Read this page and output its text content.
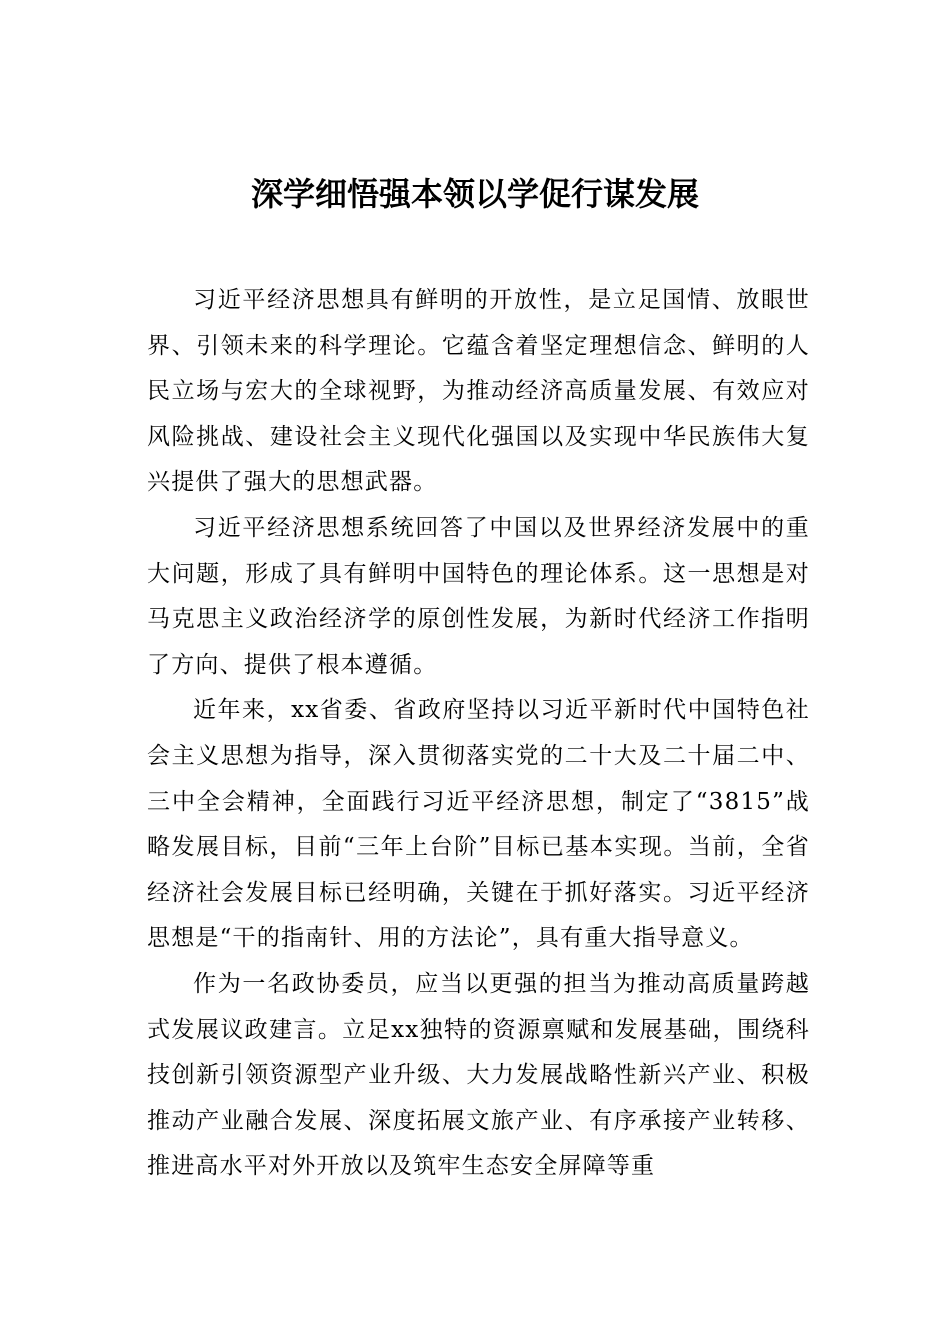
深学细悟强本领以学促行谋发展

习近平经济思想具有鲜明的开放性，是立足国情、放眼世界、引领未来的科学理论。它蕴含着坚定理想信念、鲜明的人民立场与宏大的全球视野，为推动经济高质量发展、有效应对风险挑战、建设社会主义现代化强国以及实现中华民族伟大复兴提供了强大的思想武器。

习近平经济思想系统回答了中国以及世界经济发展中的重大问题，形成了具有鲜明中国特色的理论体系。这一思想是对马克思主义政治经济学的原创性发展，为新时代经济工作指明了方向、提供了根本遵循。

近年来，xx省委、省政府坚持以习近平新时代中国特色社会主义思想为指导，深入贯彻落实党的二十大及二十届二中、三中全会精神，全面践行习近平经济思想，制定了“3815”战略发展目标，目前“三年上台阶”目标已基本实现。当前，全省经济社会发展目标已经明确，关键在于抓好落实。习近平经济思想是“干的指南针、用的方法论”，具有重大指导意义。

作为一名政协委员，应当以更强的担当为推动高质量跨越式发展议政建言。立足xx独特的资源禀赋和发展基础，围绕科技创新引领资源型产业升级、大力发展战略性新兴产业、积极推动产业融合发展、深度拓展文旅产业、有序承接产业转移、推进高水平对外开放以及筑牢生态安全屏障等重
